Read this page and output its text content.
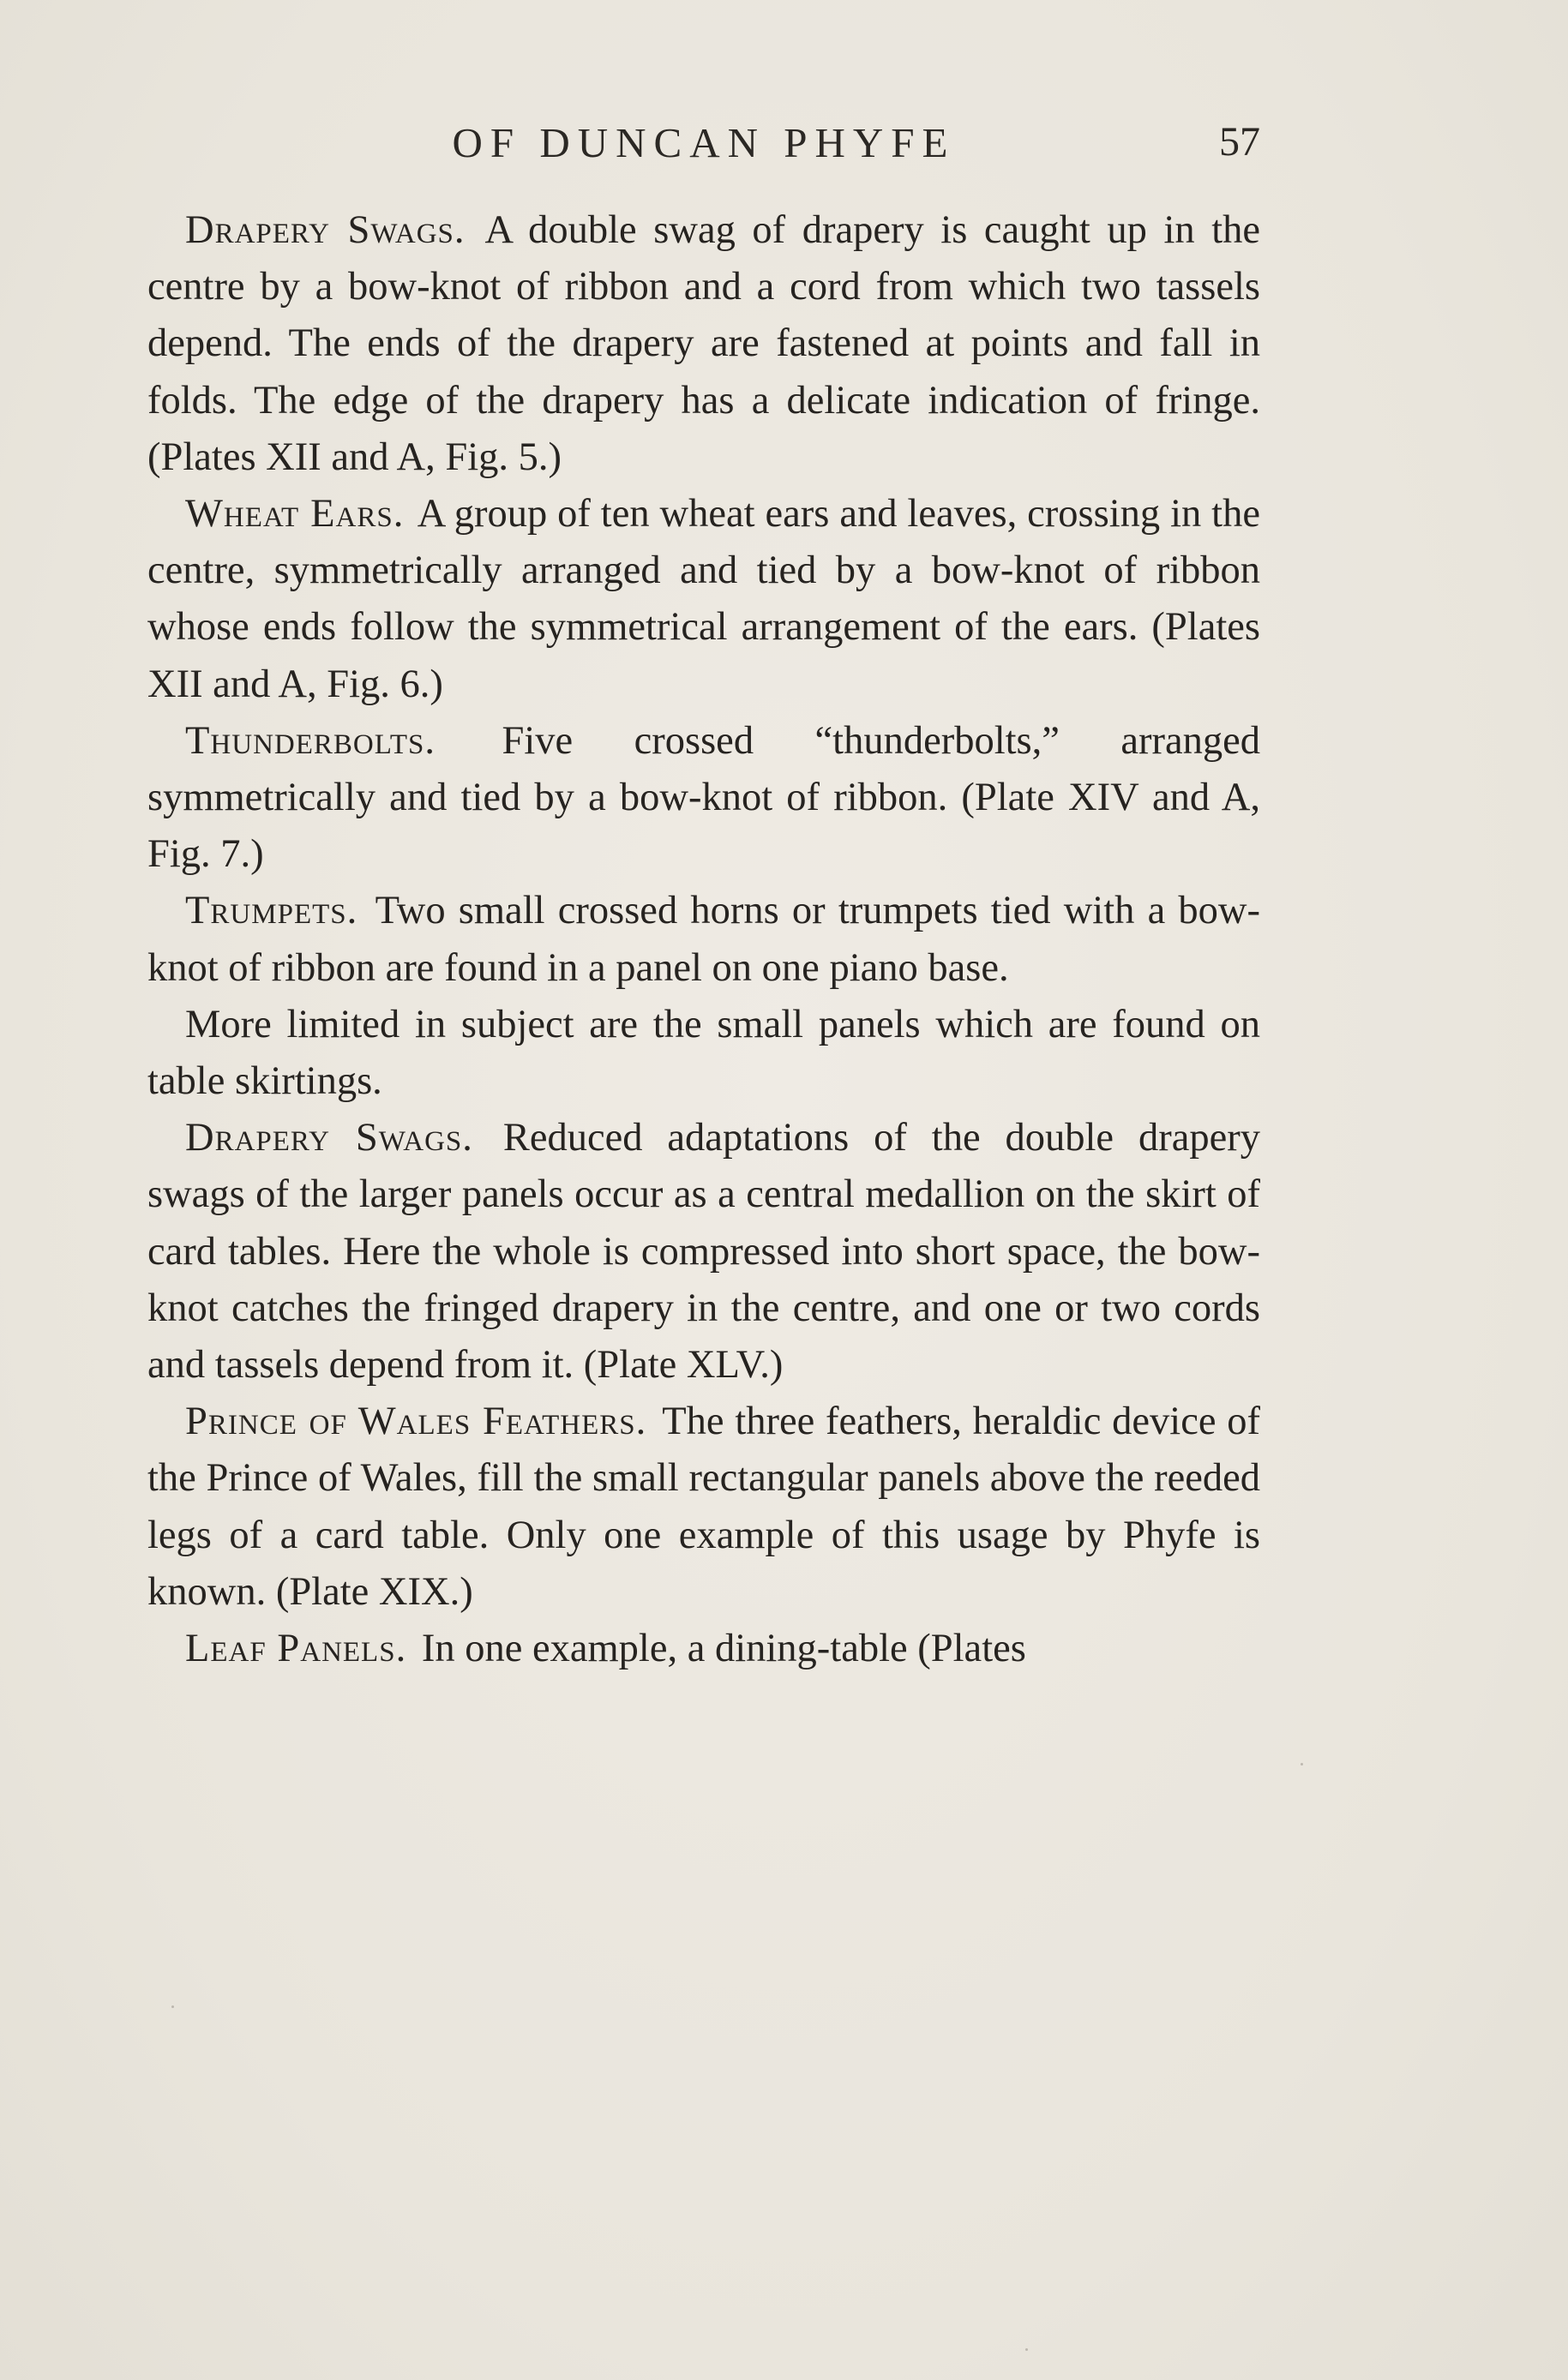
OF DUNCAN PHYFE	57

Drapery Swags. A double swag of drapery is caught up in the centre by a bow-knot of ribbon and a cord from which two tassels depend. The ends of the drapery are fastened at points and fall in folds. The edge of the drapery has a delicate indication of fringe. (Plates XII and A, Fig. 5.)

Wheat Ears. A group of ten wheat ears and leaves, crossing in the centre, symmetrically arranged and tied by a bow-knot of ribbon whose ends follow the symmetrical arrangement of the ears. (Plates XII and A, Fig. 6.)

Thunderbolts. Five crossed “thunderbolts,” arranged symmetrically and tied by a bow-knot of ribbon. (Plate XIV and A, Fig. 7.)

Trumpets. Two small crossed horns or trumpets tied with a bow-knot of ribbon are found in a panel on one piano base.

More limited in subject are the small panels which are found on table skirtings.

Drapery Swags. Reduced adaptations of the double drapery swags of the larger panels occur as a central medallion on the skirt of card tables. Here the whole is compressed into short space, the bow-knot catches the fringed drapery in the centre, and one or two cords and tassels depend from it. (Plate XLV.)

Prince of Wales Feathers. The three feathers, heraldic device of the Prince of Wales, fill the small rectangular panels above the reeded legs of a card table. Only one example of this usage by Phyfe is known. (Plate XIX.)

Leaf Panels. In one example, a dining-table (Plates
